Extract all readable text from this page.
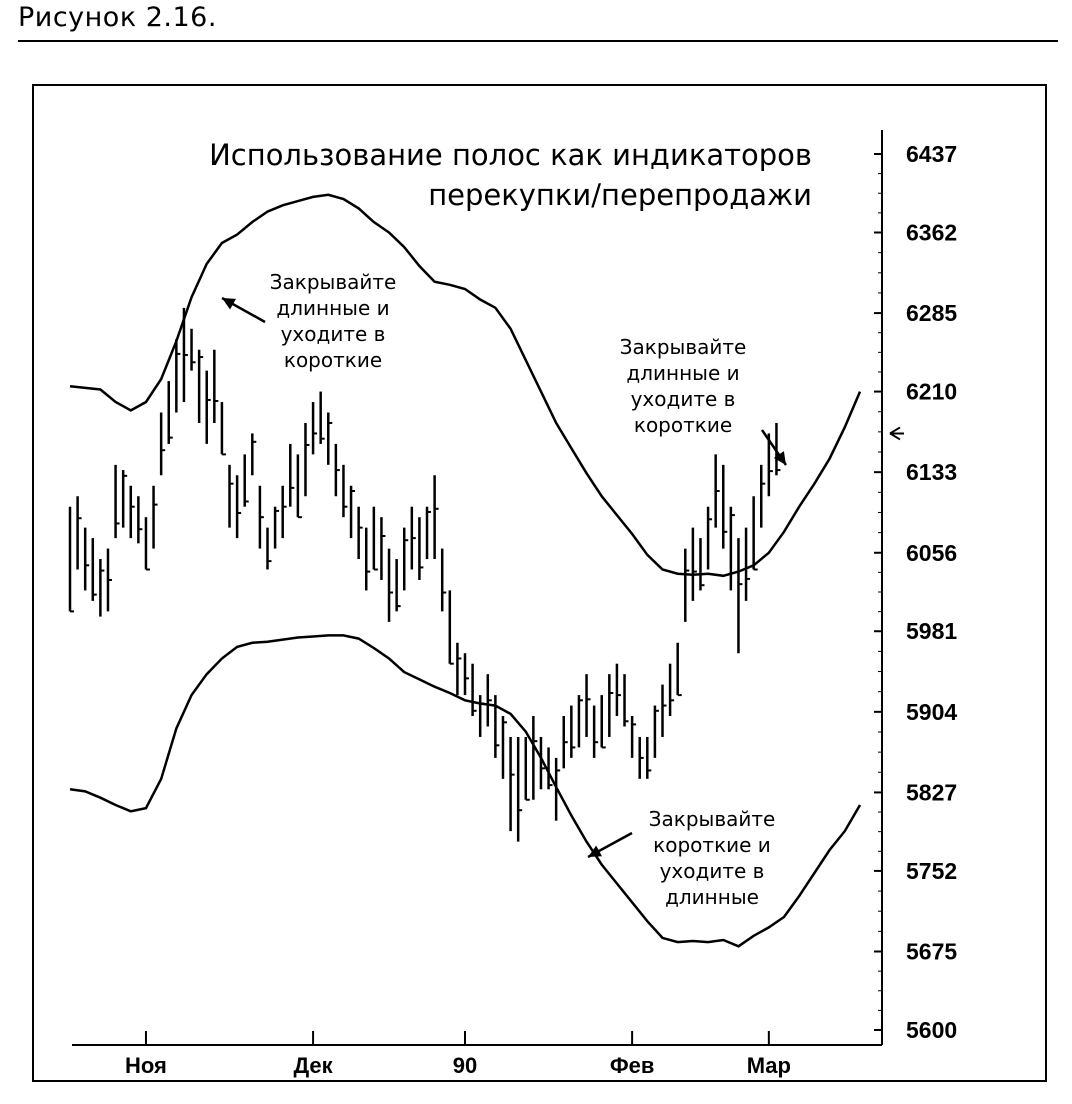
Рисунок 2.16.
Использование полос как индикаторов
перекупки/перепродажи
6437
6362
6285
6210
6133
6056
5981
5904
5827
5752
5675
5600
Ноя	Дек	90	Фев	Мар
Закрывайте
длинные и
уходите в
короткие
Закрывайте
длинные и
уходите в
короткие
Закрывайте
короткие и
уходите в
длинные
